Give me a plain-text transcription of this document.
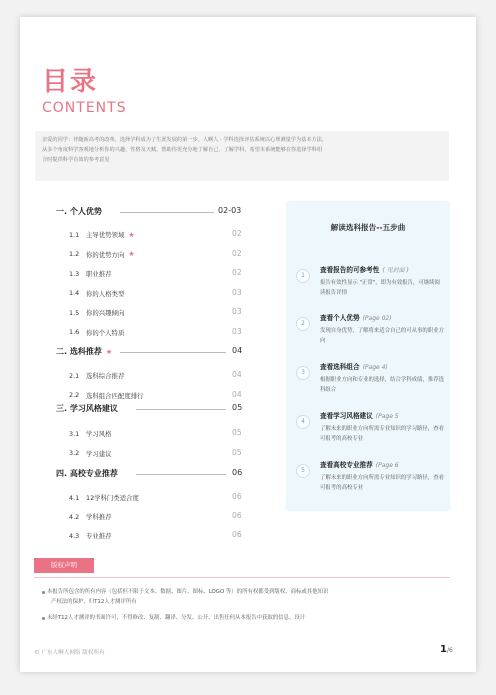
目录
CONTENTS

亲爱的同学：伴随新高考的改革，选择学科成为了生涯发展的第一步。人啊人 · 学科选择评估系统以心理测量学为基本方法，

从多个角度科学客观地分析你的兴趣、性格及天赋，帮助你更充分地了解自己、了解学科，希望本系统能够在你选择学科组

合时提供科学有效的参考意见

一. 个人优势	02-03
1.1	主导优势领域 ★	02
1.2	你的优势方向 ★	02
1.3	职业推荐	02
1.4	你的人格类型	03
1.5	你的兴趣倾向	03
1.6	你的个人特质	03
二. 选科推荐 ★	04
2.1	选科综合推荐	04
2.2	选科组合匹配度排行	04
三. 学习风格建议	05
3.1	学习风格	05
3.2	学习建议	05
四. 高校专业推荐	06
4.1	12学科门类适合度	06
4.2	学科推荐	06
4.3	专业推荐	06
解读选科报告--五步曲
1
查看报告的可参考性 ( 见封面 )
报告有效性显示 "正常"，即为有效报告，可继续阅读报告详情
2
查看个人优势 (Page 02)
发现自身优势，了解将来适合自己的可从事的职业方向
3
查看选科组合 (Page 4)
根据职业方向和专业的选择，结合学科成绩，推荐选科组合
4
查看学习风格建议 (Page 5
了解未来的职业方向所需专业知识的学习路径，查看可报考的高校专业
5
查看高校专业推荐 (Page 6
了解未来的职业方向所需专业知识的学习路径，查看可报考的高校专业
版权声明
本报告所包含的所有内容（包括但不限于文本、数据、图片、图标、LOGO 等）的所有权都受到版权、商标或其他知识
产权法的保护，归T12人才测评所有
未经T12人才测评的书面许可，不得修改、复制、翻译、分发、公开、出售任何从本报告中获取的信息、设计
© 广东人啊人网络 版权所有	1/6
